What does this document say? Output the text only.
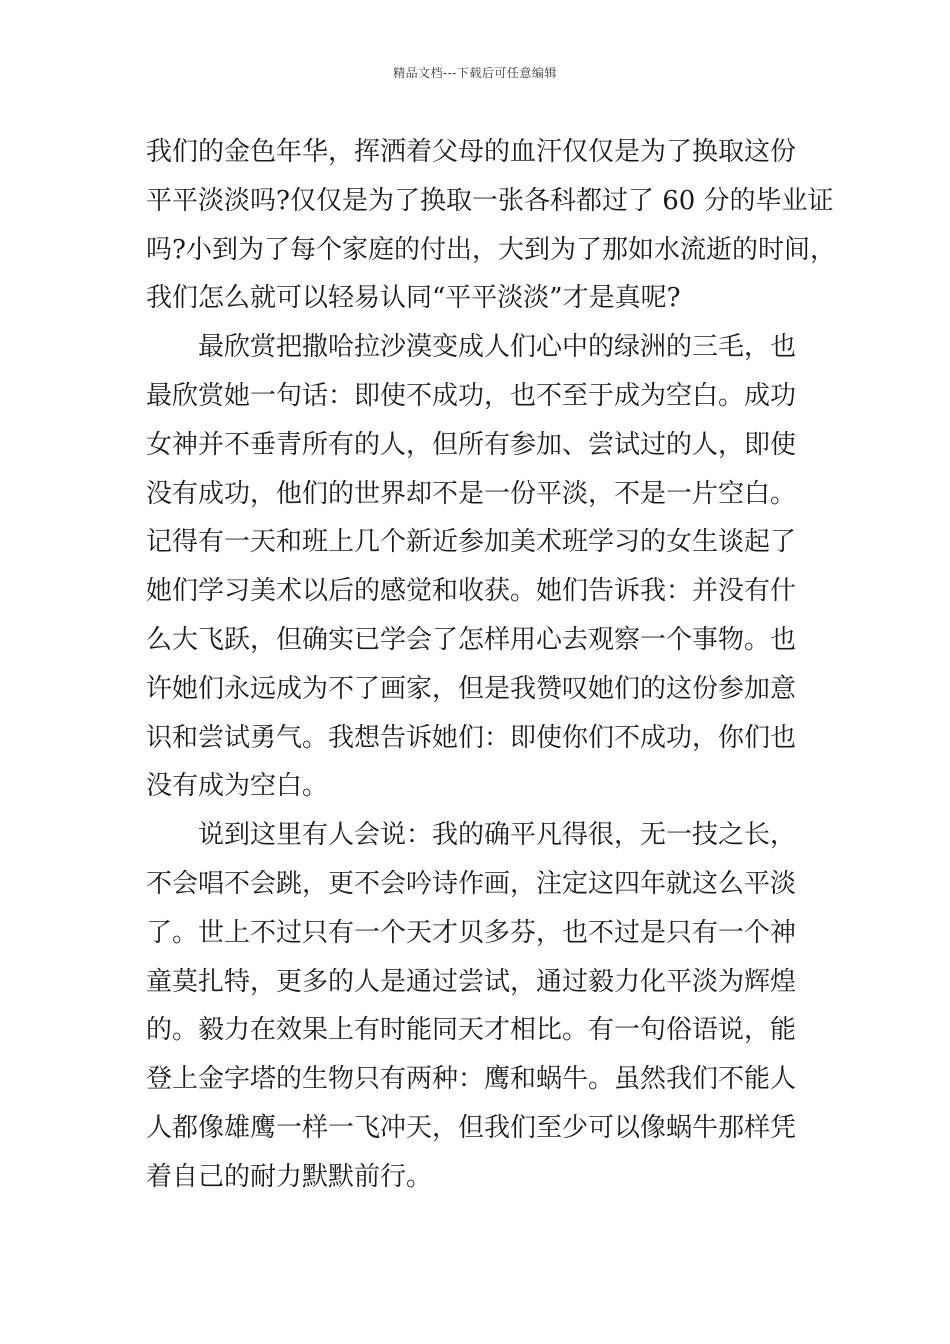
精品文档---下载后可任意编辑
我们的金色年华，挥洒着父母的血汗仅仅是为了换取这份
平平淡淡吗?仅仅是为了换取一张各科都过了 60 分的毕业证
吗?小到为了每个家庭的付出，大到为了那如水流逝的时间，
我们怎么就可以轻易认同“平平淡淡”才是真呢?
最欣赏把撒哈拉沙漠变成人们心中的绿洲的三毛，也
最欣赏她一句话：即使不成功，也不至于成为空白。成功
女神并不垂青所有的人，但所有参加、尝试过的人，即使
没有成功，他们的世界却不是一份平淡，不是一片空白。
记得有一天和班上几个新近参加美术班学习的女生谈起了
她们学习美术以后的感觉和收获。她们告诉我：并没有什
么大飞跃，但确实已学会了怎样用心去观察一个事物。也
许她们永远成为不了画家，但是我赞叹她们的这份参加意
识和尝试勇气。我想告诉她们：即使你们不成功，你们也
没有成为空白。
说到这里有人会说：我的确平凡得很，无一技之长，
不会唱不会跳，更不会吟诗作画，注定这四年就这么平淡
了。世上不过只有一个天才贝多芬，也不过是只有一个神
童莫扎特，更多的人是通过尝试，通过毅力化平淡为辉煌
的。毅力在效果上有时能同天才相比。有一句俗语说，能
登上金字塔的生物只有两种：鹰和蜗牛。虽然我们不能人
人都像雄鹰一样一飞冲天，但我们至少可以像蜗牛那样凭
着自己的耐力默默前行。
